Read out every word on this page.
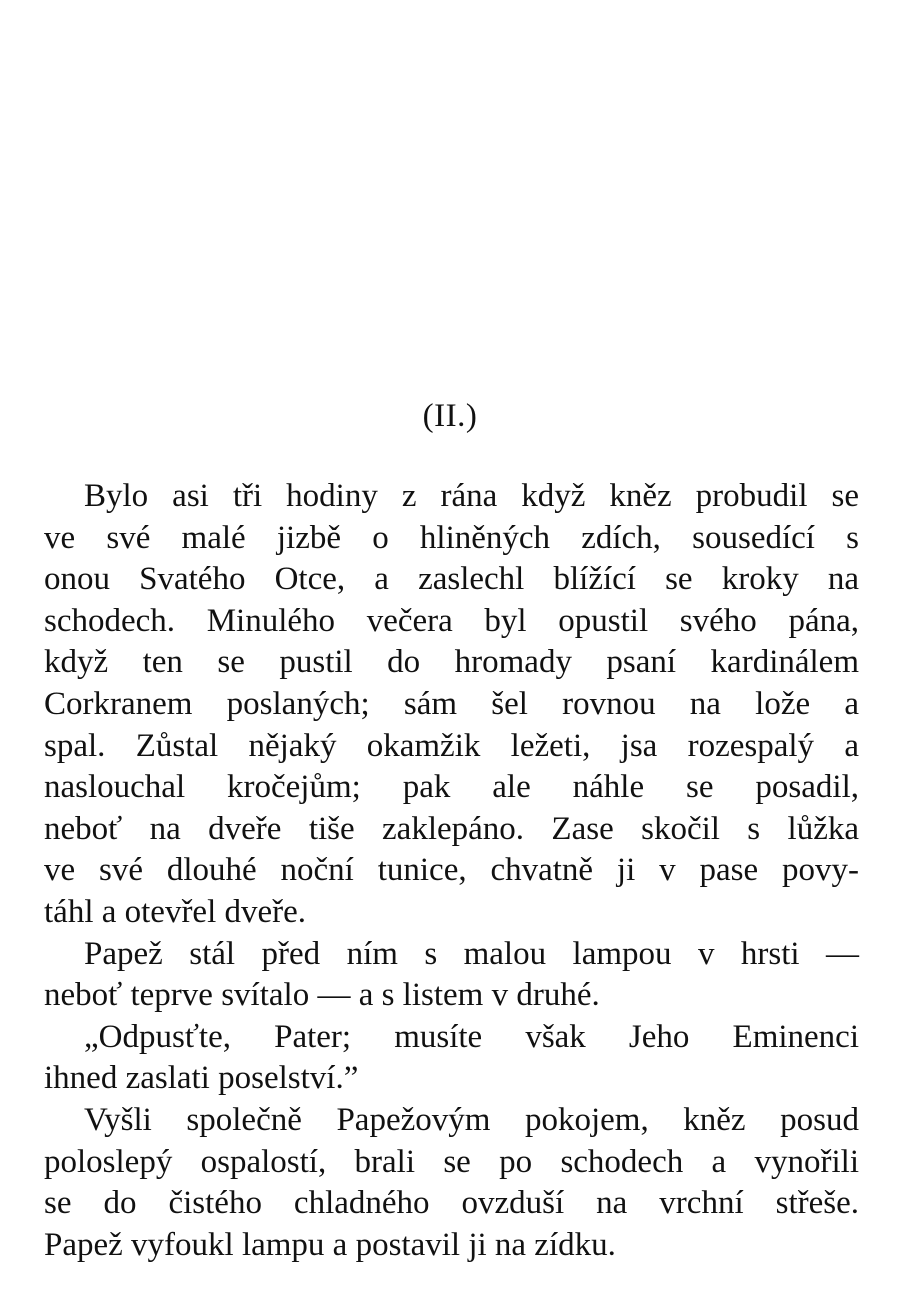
(II.)
Bylo asi tři hodiny z rána když kněz probudil se
ve své malé jizbě o hliněných zdích, sousedící s
onou Svatého Otce, a zaslechl blížící se kroky na
schodech. Minulého večera byl opustil svého pána,
když ten se pustil do hromady psaní kardinálem
Corkranem poslaných; sám šel rovnou na lože a
spal. Zůstal nějaký okamžik ležeti, jsa rozespalý a
naslouchal kročejům; pak ale náhle se posadil,
neboť na dveře tiše zaklepáno. Zase skočil s lůžka
ve své dlouhé noční tunice, chvatně ji v pase povy-
táhl a otevřel dveře.
Papež stál před ním s malou lampou v hrsti —
neboť teprve svítalo — a s listem v druhé.
„Odpusťte, Pater; musíte však Jeho Eminenci
ihned zaslati poselství.”
Vyšli společně Papežovým pokojem, kněz posud
poloslepý ospalostí, brali se po schodech a vynořili
se do čistého chladného ovzduší na vrchní střeše.
Papež vyfoukl lampu a postavil ji na zídku.
